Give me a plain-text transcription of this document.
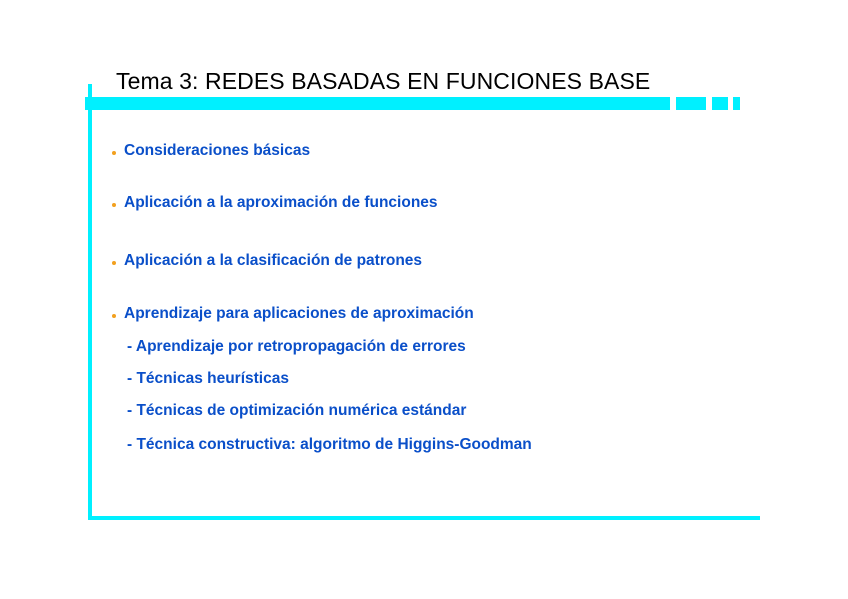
Tema 3: REDES BASADAS EN FUNCIONES BASE
Consideraciones básicas
Aplicación a la aproximación de funciones
Aplicación a la clasificación de patrones
Aprendizaje para aplicaciones de aproximación
- Aprendizaje por retropropagación de errores
- Técnicas heurísticas
- Técnicas de optimización numérica estándar
- Técnica constructiva: algoritmo de Higgins-Goodman
